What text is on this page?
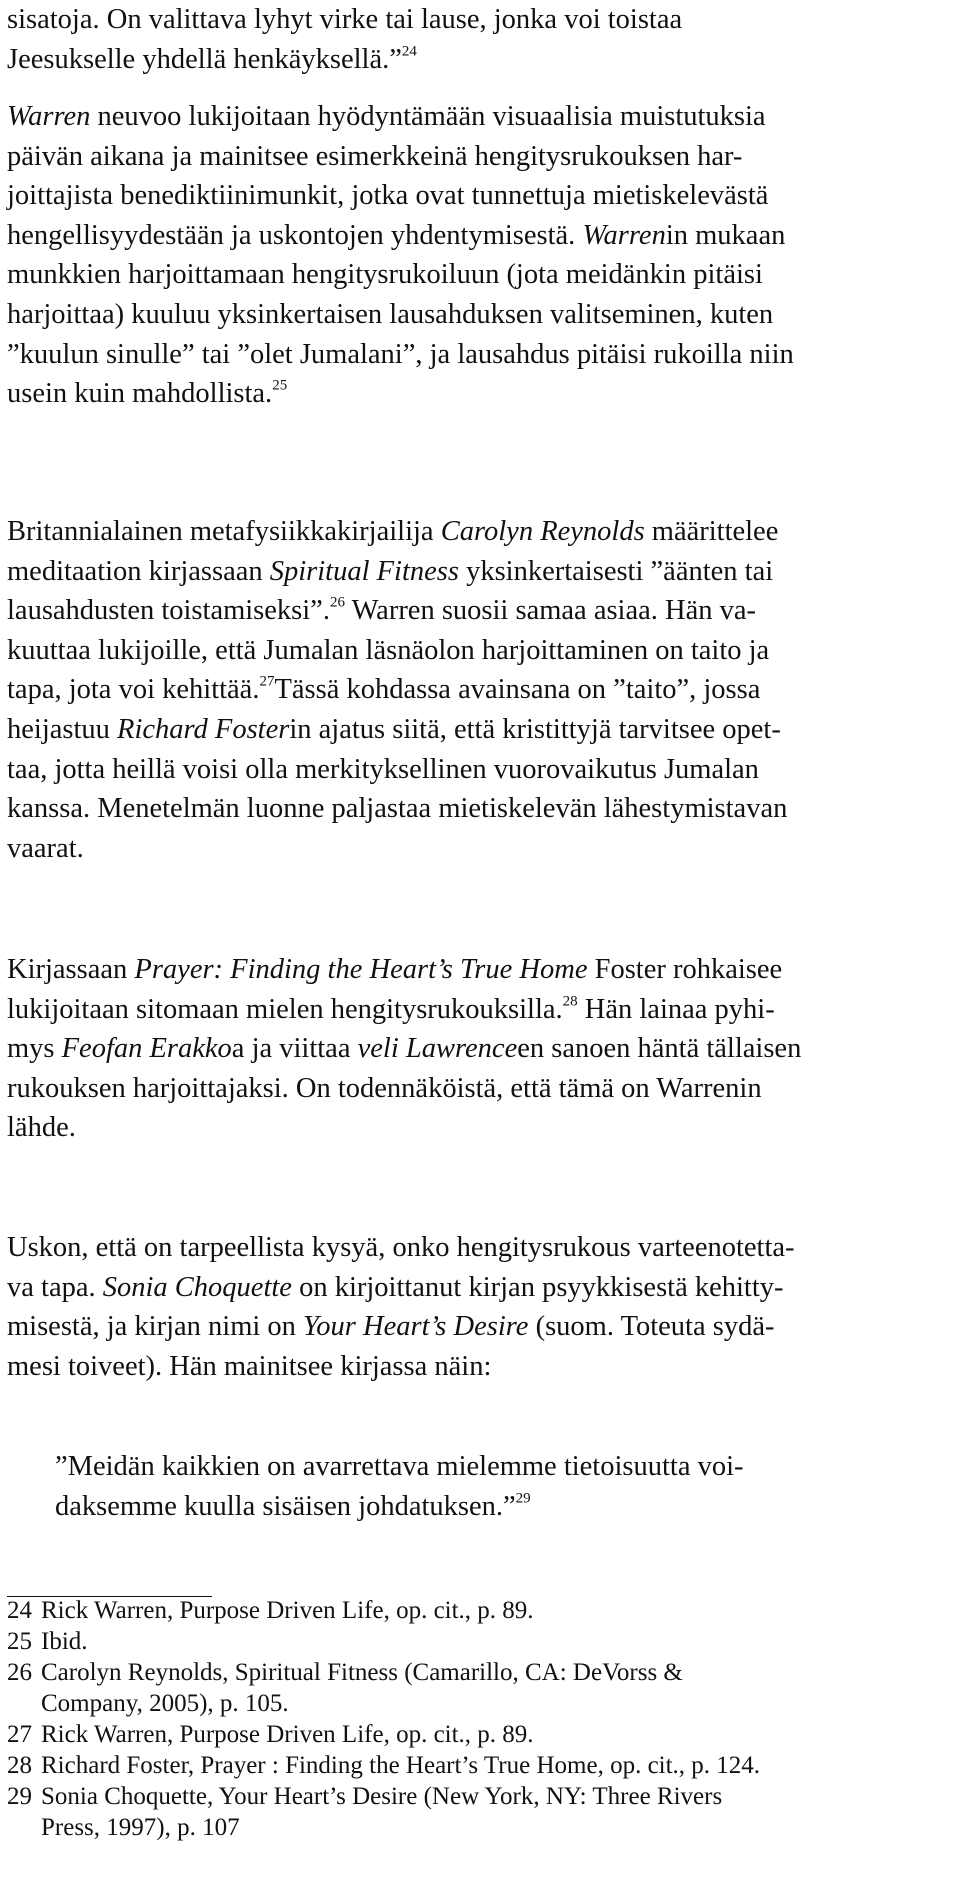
sisatoja. On valittava lyhyt virke tai lause, jonka voi toistaa
Jeesukselle yhdellä henkäyksellä.”$^{24}$

Warren neuvoo lukijoitaan hyödyntämään visuaalisia muistutuksia
päivän aikana ja mainitsee esimerkkeinä hengitysrukouksen har-
joittajista benediktiinimunkit, jotka ovat tunnettuja mietiskelevästä
hengellisyydestään ja uskontojen yhdentymisestä. Warrenin mukaan
munkkien harjoittamaan hengitysrukoiluun (jota meidänkin pitäisi
harjoittaa) kuuluu yksinkertaisen lausahduksen valitseminen, kuten
”kuulun sinulle” tai ”olet Jumalani”, ja lausahdus pitäisi rukoilla niin
usein kuin mahdollista.$^{25}$

Britannialainen metafysiikkakirjailija Carolyn Reynolds määrittelee
meditaation kirjassaan Spiritual Fitness yksinkertaisesti ”äänten tai
lausahdusten toistamiseksi”.$^{26}$ Warren suosii samaa asiaa. Hän va-
kuuttaa lukijoille, että Jumalan läsnäolon harjoittaminen on taito ja
tapa, jota voi kehittää.$^{27}$Tässä kohdassa avainsana on ”taito”, jossa
heijastuu Richard Fosterin ajatus siitä, että kristittyjä tarvitsee opet-
taa, jotta heillä voisi olla merkityksellinen vuorovaikutus Jumalan
kanssa. Menetelmän luonne paljastaa mietiskelevän lähestymistavan
vaarat.

Kirjassaan Prayer: Finding the Heart’s True Home Foster rohkaisee
lukijoitaan sitomaan mielen hengitysrukouksilla.$^{28}$ Hän lainaa pyhi-
mys Feofan Erakkoa ja viittaa veli Lawrenceen sanoen häntä tällaisen
rukouksen harjoittajaksi. On todennäköistä, että tämä on Warrenin
lähde.

Uskon, että on tarpeellista kysyä, onko hengitysrukous varteenotetta-
va tapa. Sonia Choquette on kirjoittanut kirjan psyykkisestä kehitty-
misestä, ja kirjan nimi on Your Heart’s Desire (suom. Toteuta sydä-
mesi toiveet). Hän mainitsee kirjassa näin:

”Meidän kaikkien on avarrettava mielemme tietoisuutta voi-
daksemme kuulla sisäisen johdatuksen.”$^{29}$

24 Rick Warren, Purpose Driven Life, op. cit., p. 89.

25 Ibid.

26 Carolyn Reynolds, Spiritual Fitness (Camarillo, CA: DeVorss &
Company, 2005), p. 105.

27 Rick Warren, Purpose Driven Life, op. cit., p. 89.

28 Richard Foster, Prayer : Finding the Heart’s True Home, op. cit., p. 124.

29 Sonia Choquette, Your Heart’s Desire (New York, NY: Three Rivers
Press, 1997), p. 107
